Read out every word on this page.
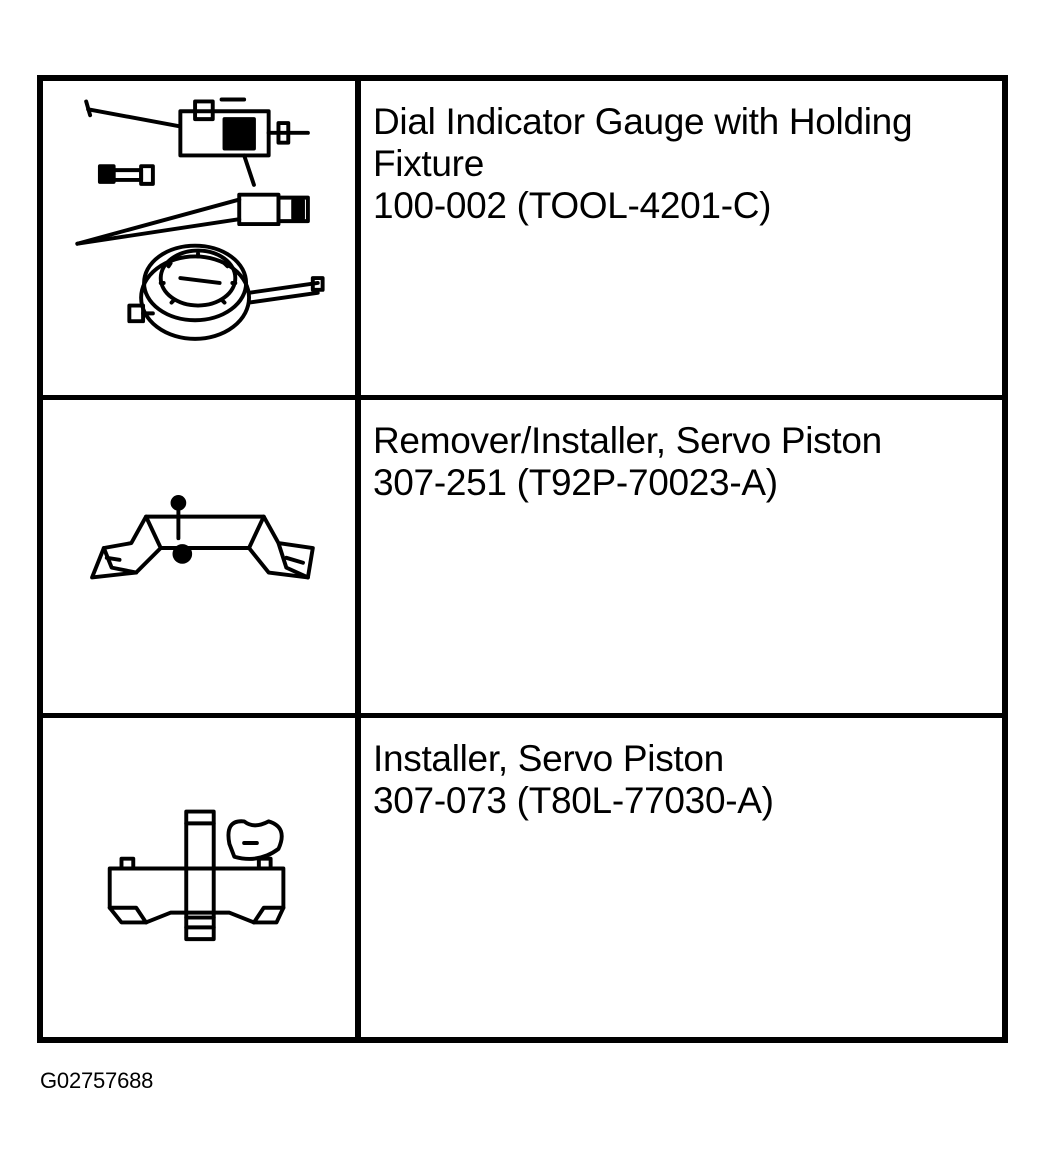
Dial Indicator Gauge with Holding
Fixture
100-002 (TOOL-4201-C)
Remover/Installer, Servo Piston
307-251 (T92P-70023-A)
Installer, Servo Piston
307-073 (T80L-77030-A)
G02757688
